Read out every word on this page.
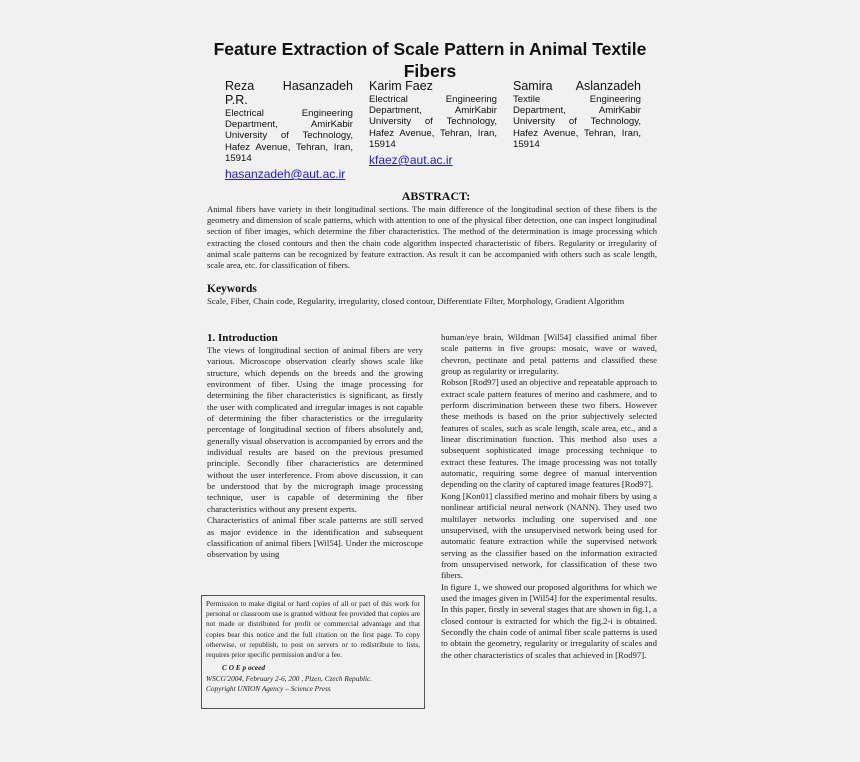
Feature Extraction of Scale Pattern in Animal Textile Fibers
Reza Hasanzadeh P.R.
Electrical Engineering
Department, AmirKabir
University of Technology,
Hafez Avenue, Tehran, Iran,
15914
hasanzadeh@aut.ac.ir
Karim Faez
Electrical Engineering
Department, AmirKabir
University of Technology,
Hafez Avenue, Tehran, Iran,
15914
kfaez@aut.ac.ir
Samira Aslanzadeh
Textile Engineering
Department, AmirKabir
University of Technology,
Hafez Avenue, Tehran, Iran,
15914
ABSTRACT:
Animal fibers have variety in their longitudinal sections. The main difference of the longitudinal section of these fibers is the geometry and dimension of scale patterns, which with attention to one of the physical fiber detection, one can inspect longitudinal section of fiber images, which determine the fiber characteristics. The method of the determination is image processing which extracting the closed contours and then the chain code algorithm inspected characteristic of fibers. Regularity or irregularity of animal scale patterns can be recognized by feature extraction. As result it can be accompanied with others such as scale length, scale area, etc. for classification of fibers.
Keywords
Scale, Fiber, Chain code, Regularity, irregularity, closed contour, Differentiate Filter, Morphology, Gradient Algorithm
1. Introduction

The views of longitudinal section of animal fibers are very various. Microscope observation clearly shows scale like structure, which depends on the breeds and the growing environment of fiber. Using the image processing for determining the fiber characteristics is significant, as firstly the user with complicated and irregular images is not capable of determining the fiber characteristics or the irregularity percentage of longitudinal section of fibers absolutely and, generally visual observation is accompanied by errors and the individual results are based on the previous presumed principle. Secondly fiber characteristics are determined without the user interference. From above discussion, it can be understood that by the micrograph image processing technique, user is capable of determining the fiber characteristics without any present experts.

Characteristics of animal fiber scale patterns are still served as major evidence in the identification and subsequent classification of animal fibers [Wil54]. Under the microscope observation by using

human/eye brain, Wildman [Wil54] classified animal fiber scale patterns in five groups: mosaic, wave or waved, chevron, pectinate and petal patterns and classified these group as regularity or irregularity.

Robson [Rod97] used an objective and repeatable approach to extract scale pattern features of merino and cashmere, and to perform discrimination between these two fibers. However these methods is based on the prior subjectively selected features of scales, such as scale length, scale area, etc., and a linear discrimination function. This method also uses a subsequent sophisticated image processing technique to extract these features. The image processing was not totally automatic, requiring some degree of manual intervention depending on the clarity of captured image features [Rod97].

Kong [Kon01] classified merino and mohair fibers by using a nonlinear artificial neural network (NANN). They used two multilayer networks including one supervised and one unsupervised, with the unsupervised network being used for automatic feature extraction while the supervised network serving as the classifier based on the information extracted from unsupervised network, for classification of these two fibers.

In figure 1, we showed our proposed algorithms for which we used the images given in [Wil54] for the experimental results. In this paper, firstly in several stages that are shown in fig.1, a closed contour is extracted for which the fig.2-i is obtained. Secondly the chain code of animal fiber scale patterns is used to obtain the geometry, regularity or irregularity of scales and the other characteristics of scales that achieved in [Rod97].

Permission to make digital or hard copies of all or part of this work for personal or classroom use is granted without fee provided that copies are not made or distributed for profit or commercial advantage and that copies bear this notice and the full citation on the first page. To copy otherwise, or republish, to post on servers or to redistribute to lists, requires prior specific permission and/or a fee.
C O E p oceed
WSCG'2004, February 2-6, 200 , Plzen, Czech Republic.
Copyright UNION Agency – Science Press
